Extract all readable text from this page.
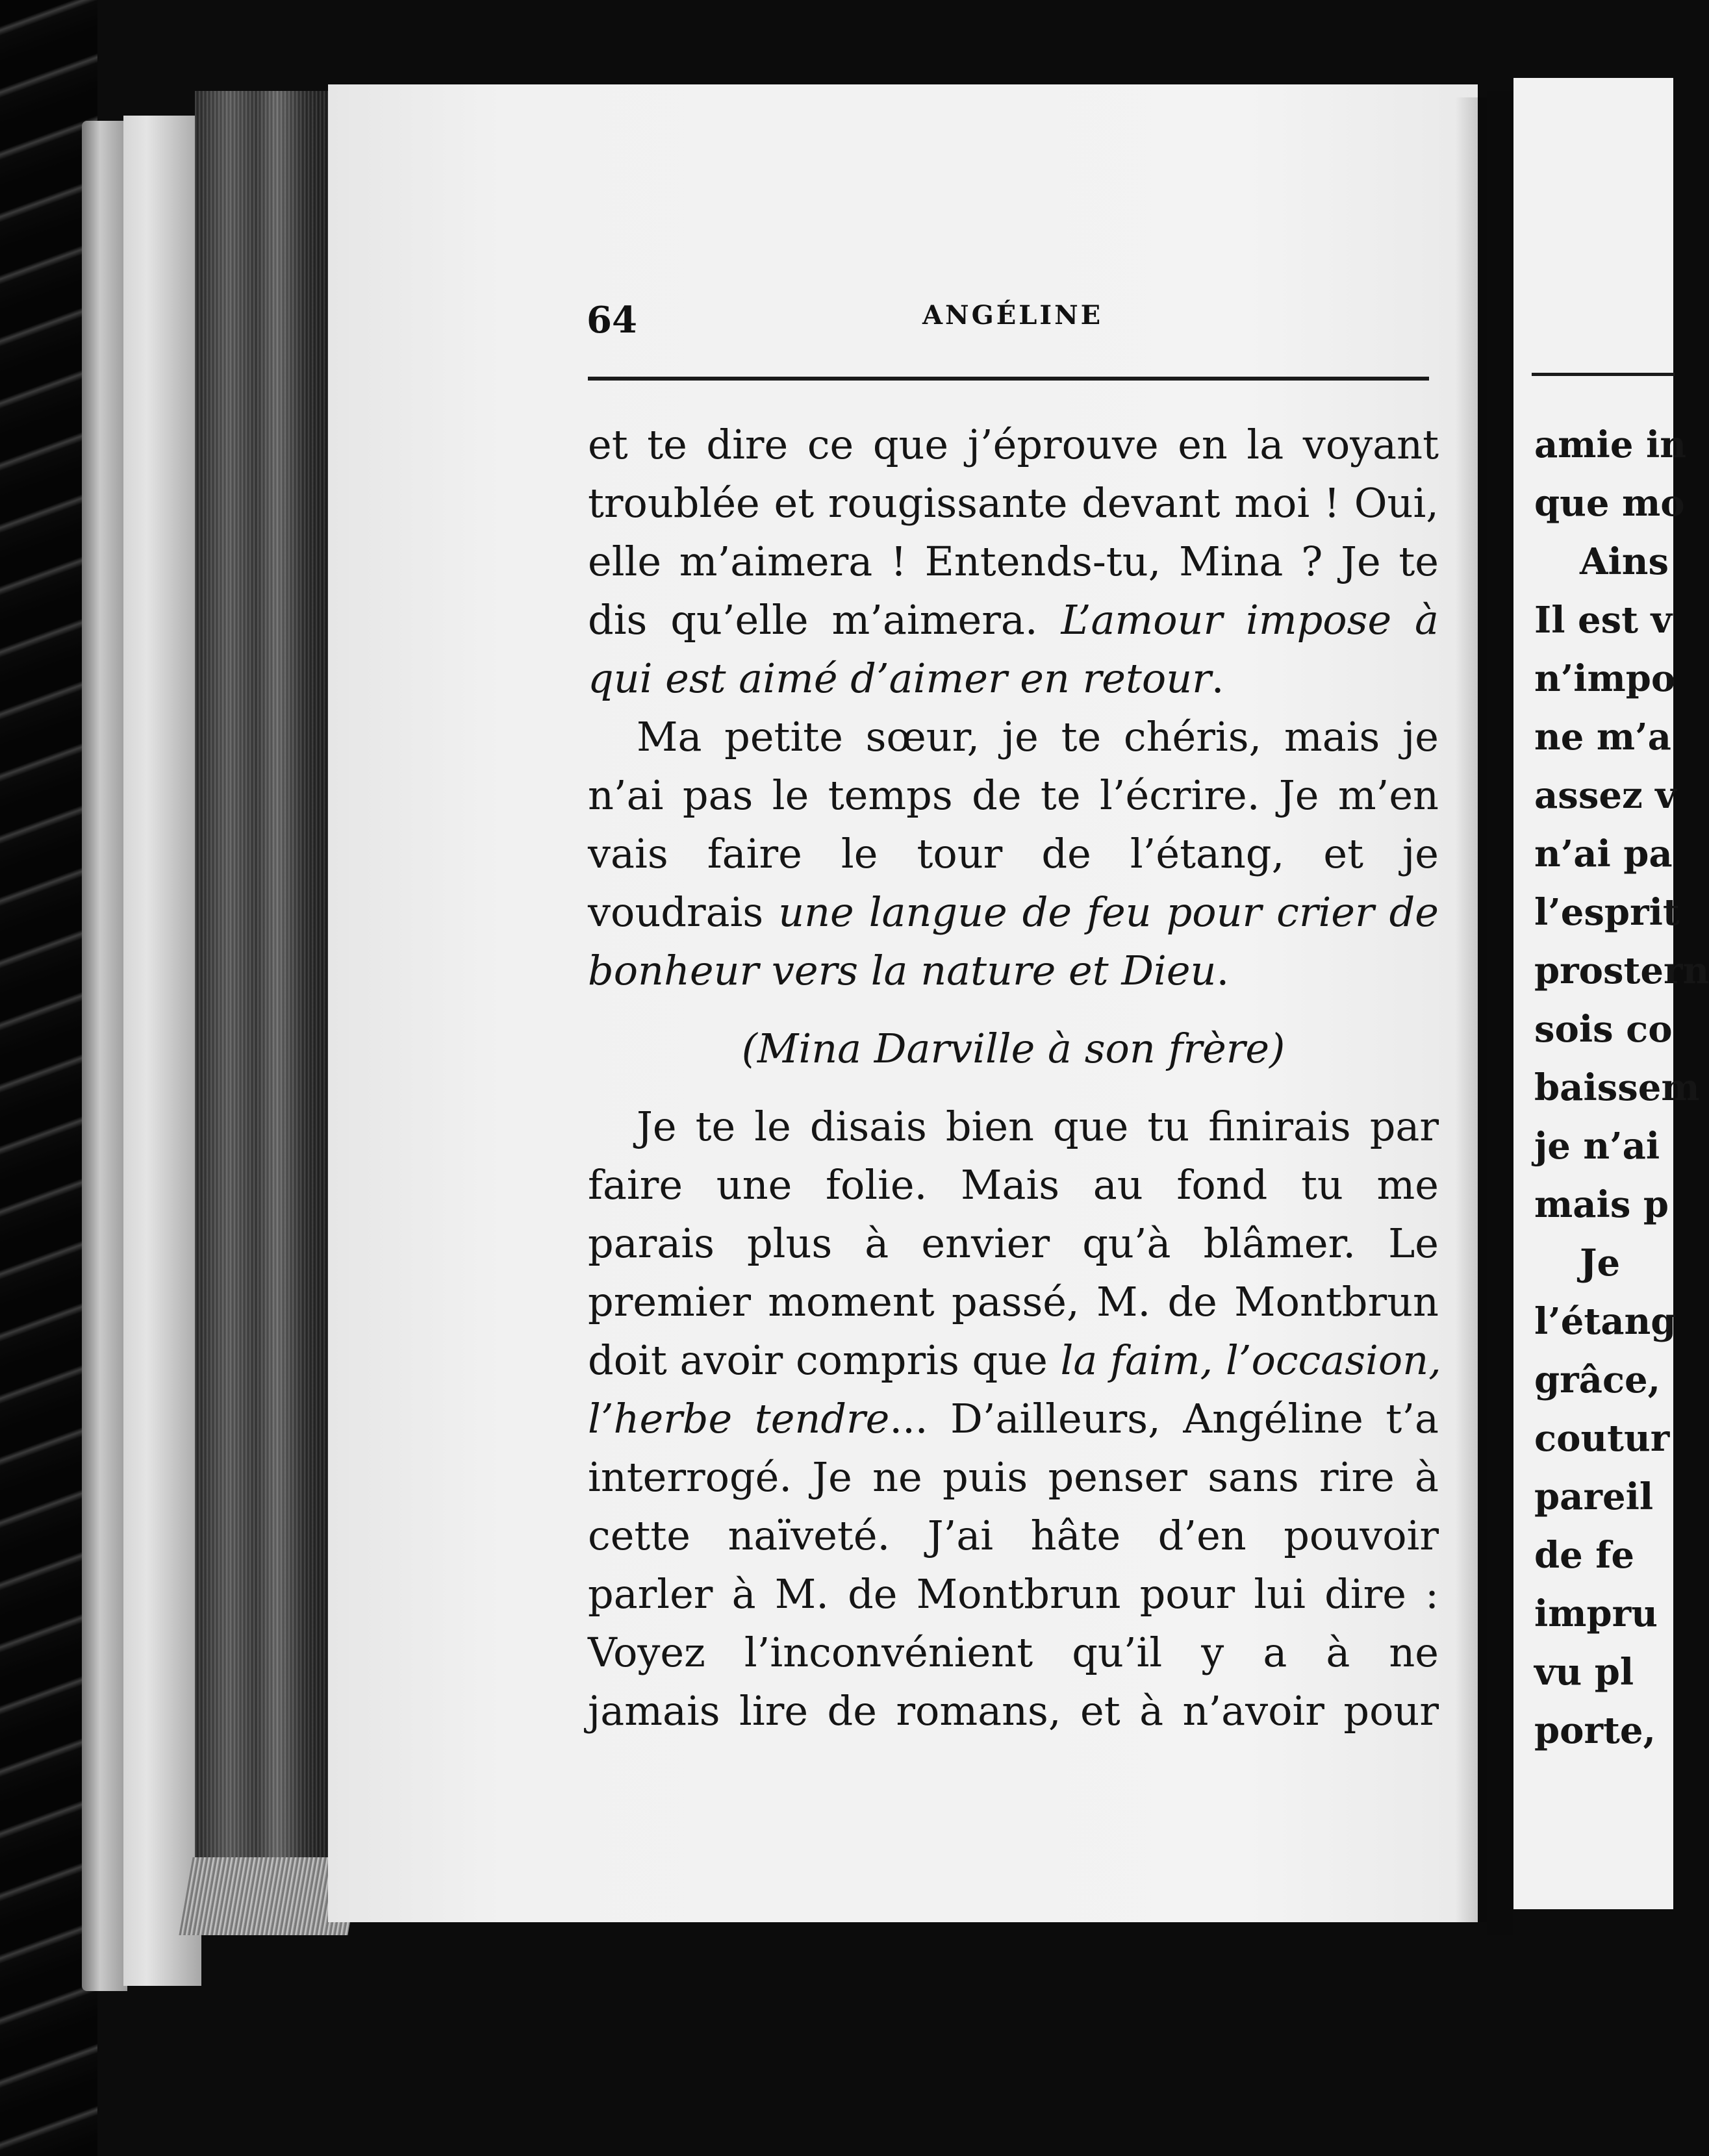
64	ANGÉLINE

et te dire ce que j’éprouve en la voyant
troublée et rougissante devant moi ! Oui,
elle m’aimera ! Entends-tu, Mina ? Je te
dis qu’elle m’aimera. L’amour impose à
qui est aimé d’aimer en retour.
Ma petite sœur, je te chéris, mais je
n’ai pas le temps de te l’écrire. Je m’en
vais faire le tour de l’étang, et je
voudrais une langue de feu pour crier de
bonheur vers la nature et Dieu.
(Mina Darville à son frère)
Je te le disais bien que tu finirais par
faire une folie. Mais au fond tu me
parais plus à envier qu’à blâmer. Le
premier moment passé, M. de Montbrun
doit avoir compris que la faim, l’occasion,
l’herbe tendre... D’ailleurs, Angéline t’a
interrogé. Je ne puis penser sans rire à
cette naïveté. J’ai hâte d’en pouvoir
parler à M. de Montbrun pour lui dire :
Voyez l’inconvénient qu’il y a à ne
jamais lire de romans, et à n’avoir pour
amie in
que mo
Ains
Il est v
n’impo
ne m’a
assez v
n’ai pa
l’esprit
prostern
sois co
baissem
je n’ai
mais p
Je
l’étang
grâce,
coutur
pareil
de fe
impru
vu pl
porte,
